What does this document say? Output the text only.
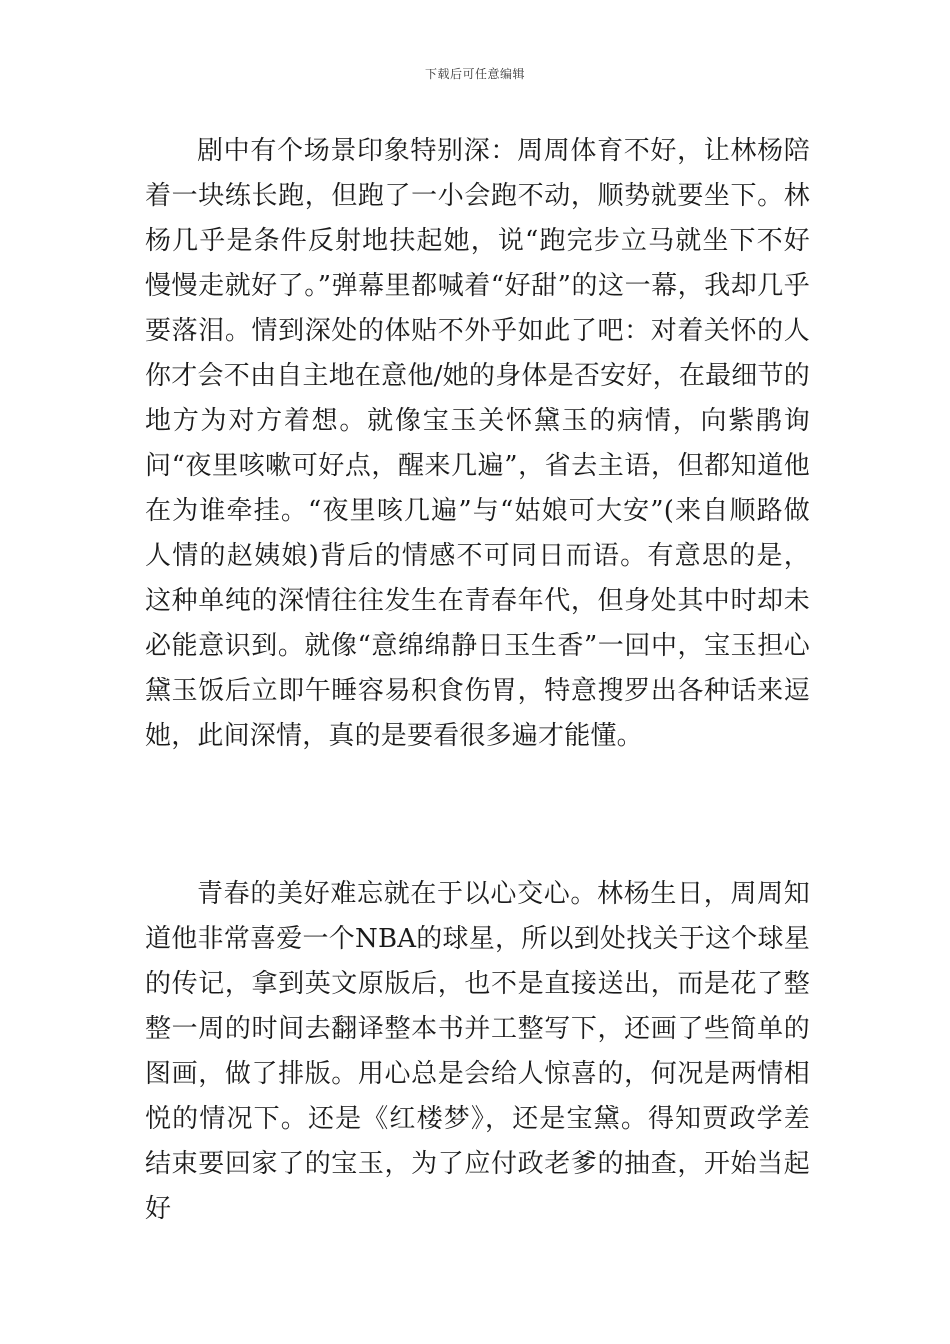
下载后可任意编辑

剧中有个场景印象特别深：周周体育不好，让林杨陪着一块练长跑，但跑了一小会跑不动，顺势就要坐下。林杨几乎是条件反射地扶起她，说“跑完步立马就坐下不好慢慢走就好了。”弹幕里都喊着“好甜”的这一幕，我却几乎要落泪。情到深处的体贴不外乎如此了吧：对着关怀的人你才会不由自主地在意他/她的身体是否安好，在最细节的地方为对方着想。就像宝玉关怀黛玉的病情，向紫鹃询问“夜里咳嗽可好点，醒来几遍”，省去主语，但都知道他在为谁牵挂。“夜里咳几遍”与“姑娘可大安”(来自顺路做人情的赵姨娘)背后的情感不可同日而语。有意思的是，这种单纯的深情往往发生在青春年代，但身处其中时却未必能意识到。就像“意绵绵静日玉生香”一回中，宝玉担心黛玉饭后立即午睡容易积食伤胃，特意搜罗出各种话来逗她，此间深情，真的是要看很多遍才能懂。

青春的美好难忘就在于以心交心。林杨生日，周周知道他非常喜爱一个NBA的球星，所以到处找关于这个球星的传记，拿到英文原版后，也不是直接送出，而是花了整整一周的时间去翻译整本书并工整写下，还画了些简单的图画，做了排版。用心总是会给人惊喜的，何况是两情相悦的情况下。还是《红楼梦》，还是宝黛。得知贾政学差结束要回家了的宝玉，为了应付政老爹的抽查，开始当起好
